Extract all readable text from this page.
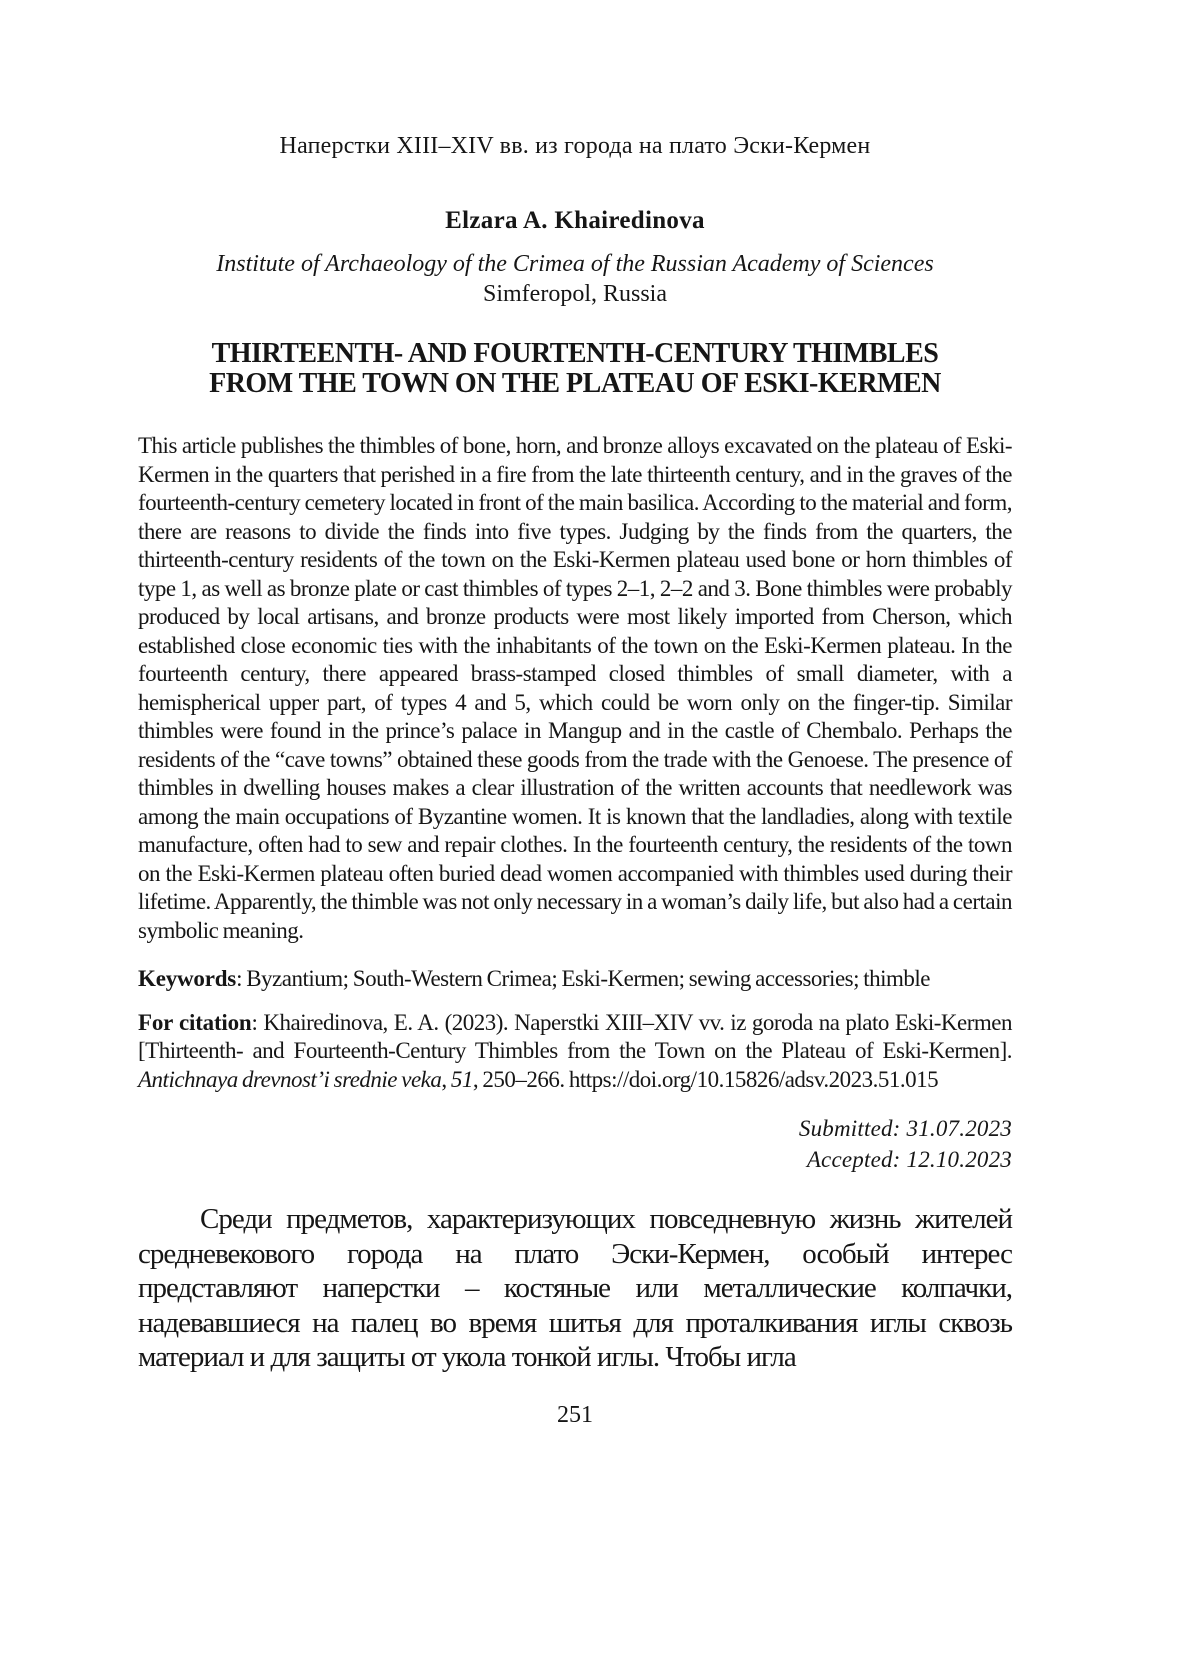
Наперстки XIII–XIV вв. из города на плато Эски-Кермен
Elzara A. Khairedinova
Institute of Archaeology of the Crimea of the Russian Academy of Sciences
Simferopol, Russia
THIRTEENTH- AND FOURTENTH-CENTURY THIMBLES
FROM THE TOWN ON THE PLATEAU OF ESKI-KERMEN

This article publishes the thimbles of bone, horn, and bronze alloys excavated on the plateau of Eski-Kermen in the quarters that perished in a fire from the late thirteenth century, and in the graves of the fourteenth-century cemetery located in front of the main basilica. According to the material and form, there are reasons to divide the finds into five types. Judging by the finds from the quarters, the thirteenth-century residents of the town on the Eski-Kermen plateau used bone or horn thimbles of type 1, as well as bronze plate or cast thimbles of types 2–1, 2–2 and 3. Bone thimbles were probably produced by local artisans, and bronze products were most likely imported from Cherson, which established close economic ties with the inhabitants of the town on the Eski-Kermen plateau. In the fourteenth century, there appeared brass-stamped closed thimbles of small diameter, with a hemispherical upper part, of types 4 and 5, which could be worn only on the finger-tip. Similar thimbles were found in the prince’s palace in Mangup and in the castle of Chembalo. Perhaps the residents of the “cave towns” obtained these goods from the trade with the Genoese. The presence of thimbles in dwelling houses makes a clear illustration of the written accounts that needlework was among the main occupations of Byzantine women. It is known that the landladies, along with textile manufacture, often had to sew and repair clothes. In the fourteenth century, the residents of the town on the Eski-Kermen plateau often buried dead women accompanied with thimbles used during their lifetime. Apparently, the thimble was not only necessary in a woman’s daily life, but also had a certain symbolic meaning.

Keywords: Byzantium; South-Western Crimea; Eski-Kermen; sewing accessories; thimble

For citation: Khairedinova, E. A. (2023). Naperstki XIII–XIV vv. iz goroda na plato Eski-Kermen [Thirteenth- and Fourteenth-Century Thimbles from the Town on the Plateau of Eski-Kermen]. Antichnaya drevnost’i srednie veka, 51, 250–266. https://doi.org/10.15826/adsv.2023.51.015

Submitted: 31.07.2023
Accepted: 12.10.2023

Среди предметов, характеризующих повседневную жизнь жителей средневекового города на плато Эски-Кермен, особый интерес представляют наперстки – костяные или металлические колпачки, надевавшиеся на палец во время шитья для проталкивания иглы сквозь материал и для защиты от укола тонкой иглы. Чтобы игла

251
